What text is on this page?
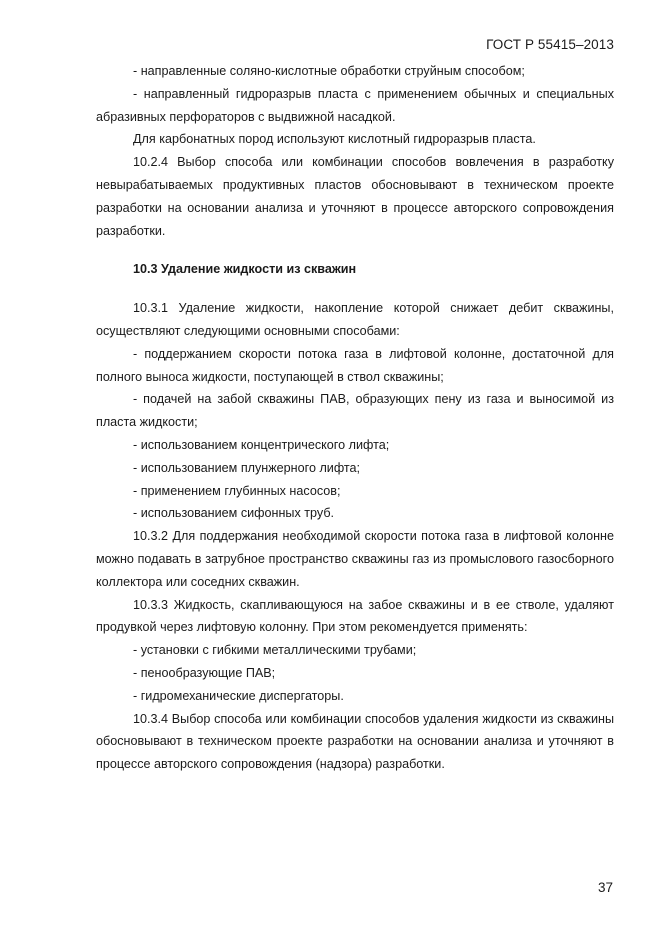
ГОСТ Р 55415–2013

- направленные соляно-кислотные обработки струйным способом;

- направленный гидроразрыв пласта с применением обычных и специальных абразивных перфораторов с выдвижной насадкой.

Для карбонатных пород используют кислотный гидроразрыв пласта.

10.2.4 Выбор способа или комбинации способов вовлечения в разработку невырабатываемых продуктивных пластов обосновывают в техническом проекте разработки на основании анализа и уточняют в процессе авторского сопровождения разработки.

10.3 Удаление жидкости из скважин

10.3.1 Удаление жидкости, накопление которой снижает дебит скважины, осуществляют следующими основными способами:

- поддержанием скорости потока газа в лифтовой колонне, достаточной для полного выноса жидкости, поступающей в ствол скважины;

- подачей на забой скважины ПАВ, образующих пену из газа и выносимой из пласта жидкости;

- использованием концентрического лифта;

- использованием плунжерного лифта;

- применением глубинных насосов;

- использованием сифонных труб.

10.3.2 Для поддержания необходимой скорости потока газа в лифтовой колонне можно подавать в затрубное пространство скважины газ из промыслового газосборного коллектора или соседних скважин.

10.3.3 Жидкость, скапливающуюся на забое скважины и в ее стволе, удаляют продувкой через лифтовую колонну. При этом рекомендуется применять:

- установки с гибкими металлическими трубами;

- пенообразующие ПАВ;

- гидромеханические диспергаторы.

10.3.4 Выбор способа или комбинации способов удаления жидкости из скважины обосновывают в техническом проекте разработки на основании анализа и уточняют в процессе авторского сопровождения (надзора) разработки.

37
